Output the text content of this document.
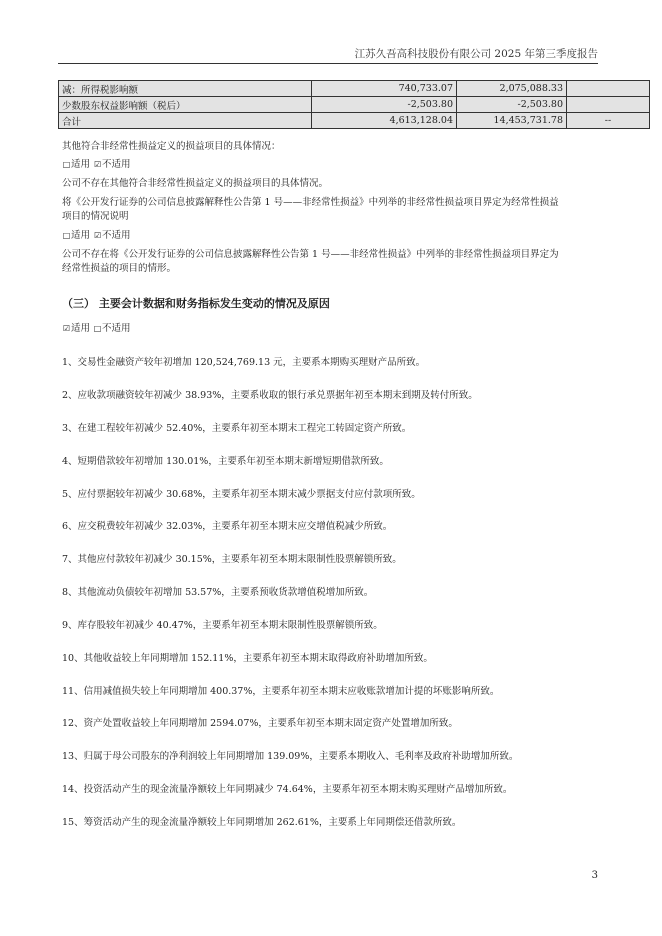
江苏久吾高科技股份有限公司 2025 年第三季度报告
减：所得税影响额	740,733.07	2,075,088.33	
少数股东权益影响额（税后）	-2,503.80	-2,503.80	
合计	4,613,128.04	14,453,731.78	--
其他符合非经常性损益定义的损益项目的具体情况：
□适用 ☑不适用
公司不存在其他符合非经常性损益定义的损益项目的具体情况。
将《公开发行证券的公司信息披露解释性公告第 1 号——非经常性损益》中列举的非经常性损益项目界定为经常性损益
项目的情况说明
□适用 ☑不适用
公司不存在将《公开发行证券的公司信息披露解释性公告第 1 号——非经常性损益》中列举的非经常性损益项目界定为
经常性损益的项目的情形。
（三） 主要会计数据和财务指标发生变动的情况及原因
☑适用 □不适用
1、交易性金融资产较年初增加 120,524,769.13 元，主要系本期购买理财产品所致。
2、应收款项融资较年初减少 38.93%，主要系收取的银行承兑票据年初至本期末到期及转付所致。
3、在建工程较年初减少 52.40%，主要系年初至本期末工程完工转固定资产所致。
4、短期借款较年初增加 130.01%，主要系年初至本期末新增短期借款所致。
5、应付票据较年初减少 30.68%，主要系年初至本期末减少票据支付应付款项所致。
6、应交税费较年初减少 32.03%，主要系年初至本期末应交增值税减少所致。
7、其他应付款较年初减少 30.15%，主要系年初至本期末限制性股票解锁所致。
8、其他流动负债较年初增加 53.57%，主要系预收货款增值税增加所致。
9、库存股较年初减少 40.47%，主要系年初至本期末限制性股票解锁所致。
10、其他收益较上年同期增加 152.11%，主要系年初至本期末取得政府补助增加所致。
11、信用减值损失较上年同期增加 400.37%，主要系年初至本期末应收账款增加计提的坏账影响所致。
12、资产处置收益较上年同期增加 2594.07%，主要系年初至本期末固定资产处置增加所致。
13、归属于母公司股东的净利润较上年同期增加 139.09%，主要系本期收入、毛利率及政府补助增加所致。
14、投资活动产生的现金流量净额较上年同期减少 74.64%，主要系年初至本期末购买理财产品增加所致。
15、筹资活动产生的现金流量净额较上年同期增加 262.61%，主要系上年同期偿还借款所致。
3
